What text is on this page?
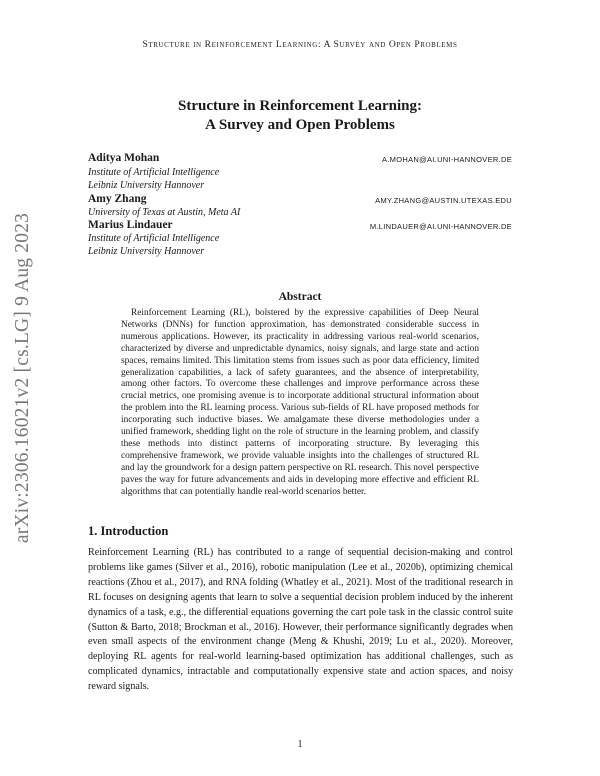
Structure in Reinforcement Learning: A Survey and Open Problems
arXiv:2306.16021v2 [cs.LG] 9 Aug 2023
Structure in Reinforcement Learning:
A Survey and Open Problems
Aditya Mohan	A.MOHAN@AI.UNI-HANNOVER.DE
Institute of Artificial Intelligence
Leibniz University Hannover
Amy Zhang	AMY.ZHANG@AUSTIN.UTEXAS.EDU
University of Texas at Austin, Meta AI
Marius Lindauer	M.LINDAUER@AI.UNI-HANNOVER.DE
Institute of Artificial Intelligence
Leibniz University Hannover
Abstract

Reinforcement Learning (RL), bolstered by the expressive capabilities of Deep Neural Networks (DNNs) for function approximation, has demonstrated considerable success in numerous applications. However, its practicality in addressing various real-world scenarios, characterized by diverse and unpredictable dynamics, noisy signals, and large state and action spaces, remains limited. This limitation stems from issues such as poor data efficiency, limited generalization capabilities, a lack of safety guarantees, and the absence of interpretability, among other factors. To overcome these challenges and improve performance across these crucial metrics, one promising avenue is to incorporate additional structural information about the problem into the RL learning process. Various sub-fields of RL have proposed methods for incorporating such inductive biases. We amalgamate these diverse methodologies under a unified framework, shedding light on the role of structure in the learning problem, and classify these methods into distinct patterns of incorporating structure. By leveraging this comprehensive framework, we provide valuable insights into the challenges of structured RL and lay the groundwork for a design pattern perspective on RL research. This novel perspective paves the way for future advancements and aids in developing more effective and efficient RL algorithms that can potentially handle real-world scenarios better.

1. Introduction

Reinforcement Learning (RL) has contributed to a range of sequential decision-making and control problems like games (Silver et al., 2016), robotic manipulation (Lee et al., 2020b), optimizing chemical reactions (Zhou et al., 2017), and RNA folding (Whatley et al., 2021). Most of the traditional research in RL focuses on designing agents that learn to solve a sequential decision problem induced by the inherent dynamics of a task, e.g., the differential equations governing the cart pole task in the classic control suite (Sutton & Barto, 2018; Brockman et al., 2016). However, their performance significantly degrades when even small aspects of the environment change (Meng & Khushi, 2019; Lu et al., 2020). Moreover, deploying RL agents for real-world learning-based optimization has additional challenges, such as complicated dynamics, intractable and computationally expensive state and action spaces, and noisy reward signals.

1
